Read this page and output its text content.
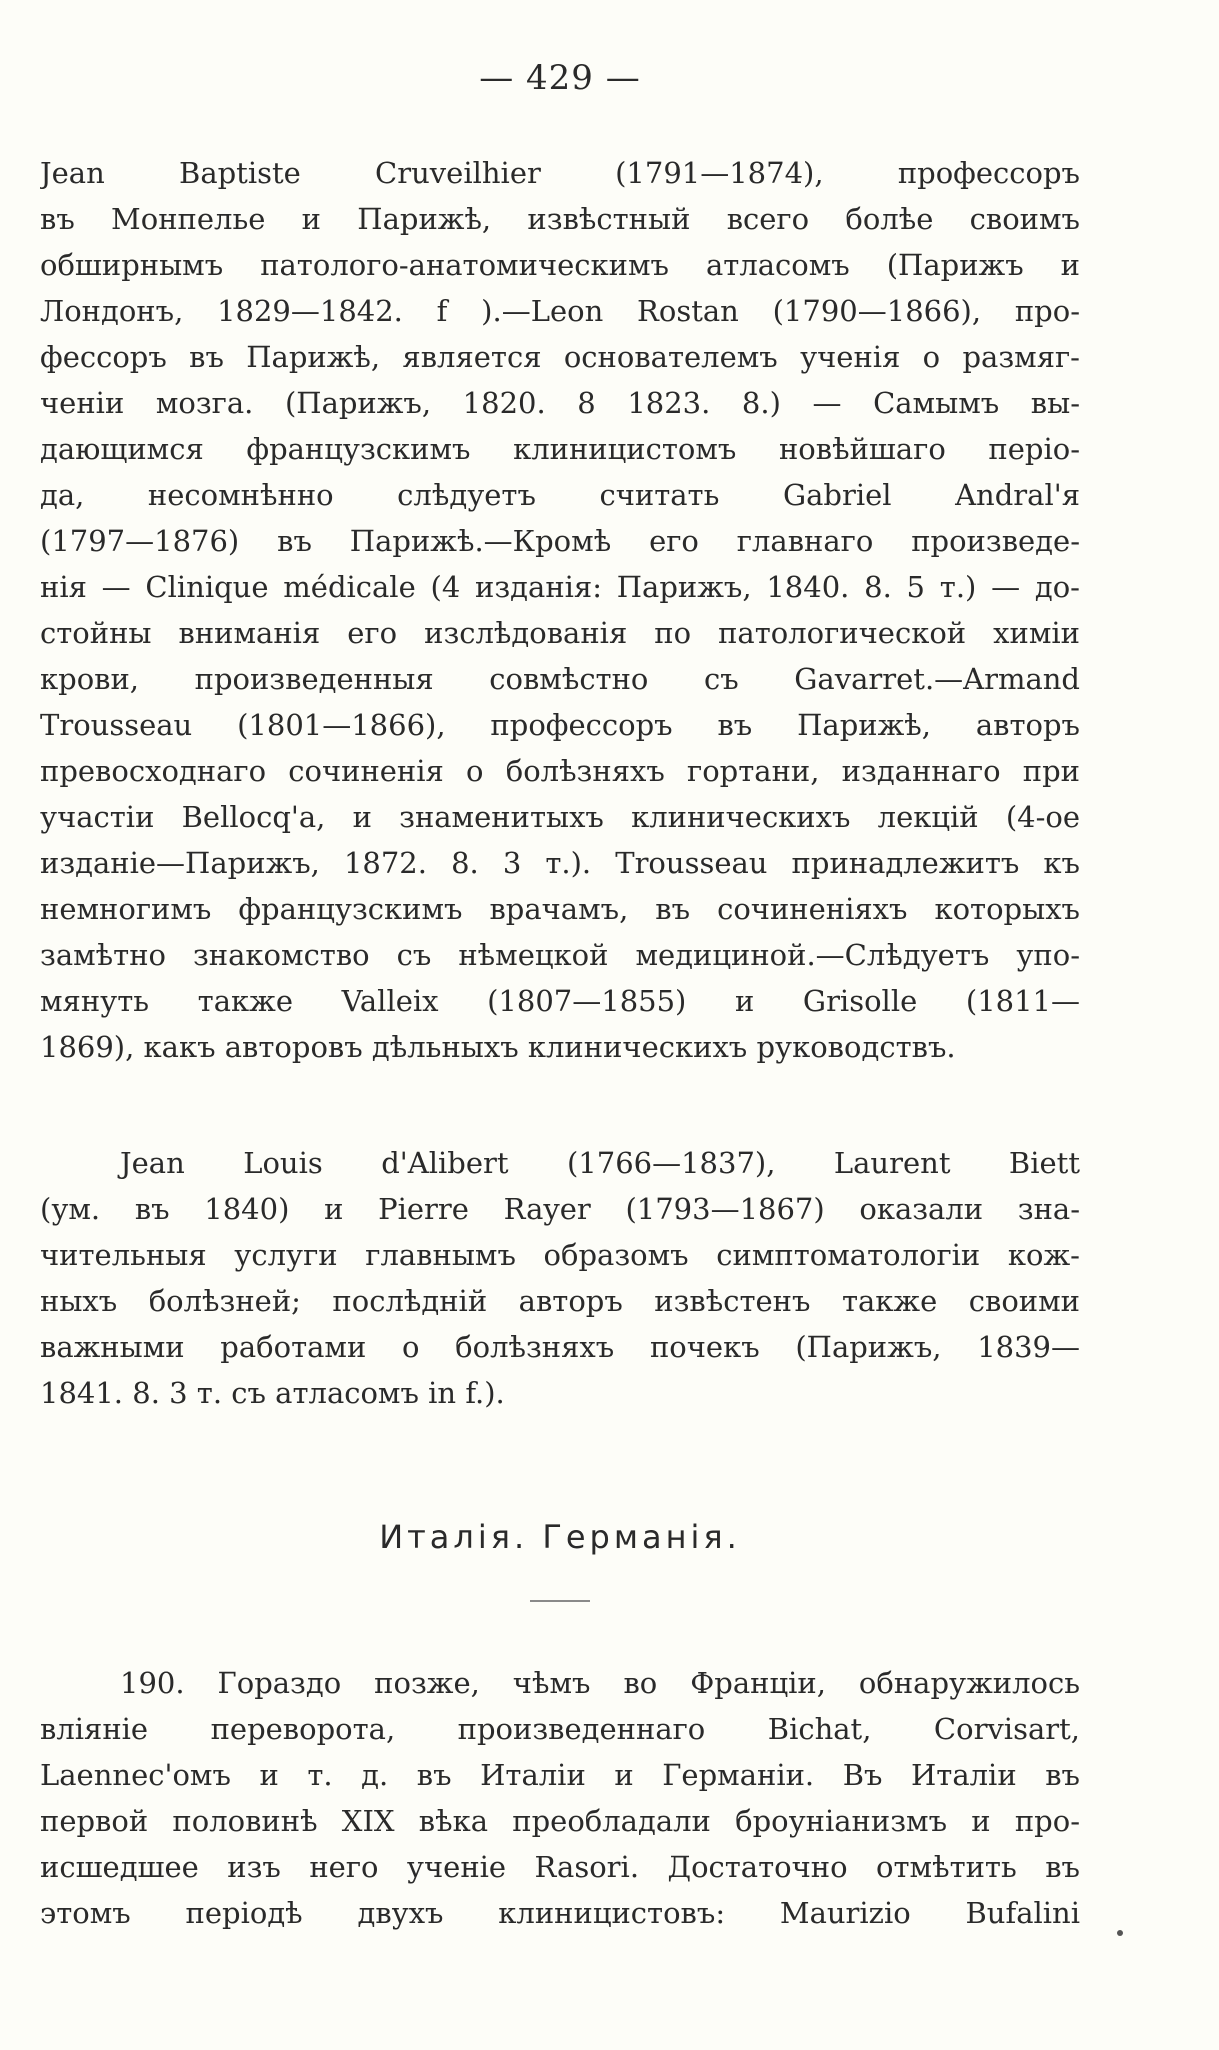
— 429 —
Jean Baptiste Cruveilhier (1791—1874), профессоръ
въ Монпелье и Парижѣ, извѣстный всего болѣе своимъ
обширнымъ патолого-анатомическимъ атласомъ (Парижъ и
Лондонъ, 1829—1842. f ).—Leon Rostan (1790—1866), про-
фессоръ въ Парижѣ, является основателемъ ученія о размяг-
ченіи мозга. (Парижъ, 1820. 8 1823. 8.) — Самымъ вы-
дающимся французскимъ клиницистомъ новѣйшаго перiо-
да, несомнѣнно слѣдуетъ считать Gabriel Andral'я
(1797—1876) въ Парижѣ.—Кромѣ его главнаго произведе-
нія — Clinique médicale (4 изданія: Парижъ, 1840. 8. 5 т.) — до-
стойны вниманія его изслѣдованія по патологической химiи
крови, произведенныя совмѣстно съ Gavarret.—Armand
Trousseau (1801—1866), профессоръ въ Парижѣ, авторъ
превосходнаго сочиненія о болѣзняхъ гортани, изданнаго при
участіи Bellocq'а, и знаменитыхъ клиническихъ лекцій (4-ое
изданіе—Парижъ, 1872. 8. 3 т.). Trousseau принадлежитъ къ
немногимъ французскимъ врачамъ, въ сочиненіяхъ которыхъ
замѣтно знакомство съ нѣмецкой медициной.—Слѣдуетъ упо-
мянуть также Valleix (1807—1855) и Grisolle (1811—
1869), какъ авторовъ дѣльныхъ клиническихъ руководствъ.
Jean Louis d'Alibert (1766—1837), Laurent Biett
(ум. въ 1840) и Pierre Rayer (1793—1867) оказали зна-
чительныя услуги главнымъ образомъ симптоматологіи кож-
ныхъ болѣзней; послѣдній авторъ извѣстенъ также своими
важными работами о болѣзняхъ почекъ (Парижъ, 1839—
1841. 8. 3 т. съ атласомъ in f.).
Италія. Германія.
190. Гораздо позже, чѣмъ во Франціи, обнаружилось
вліяніе переворота, произведеннаго Bichat, Corvisart,
Laennec'омъ и т. д. въ Италіи и Германіи. Въ Италіи въ
первой половинѣ XIX вѣка преобладали броунiанизмъ и про-
исшедшее изъ него ученіе Rasori. Достаточно отмѣтить въ
этомъ періодѣ двухъ клиницистовъ: Maurizio Bufalini
